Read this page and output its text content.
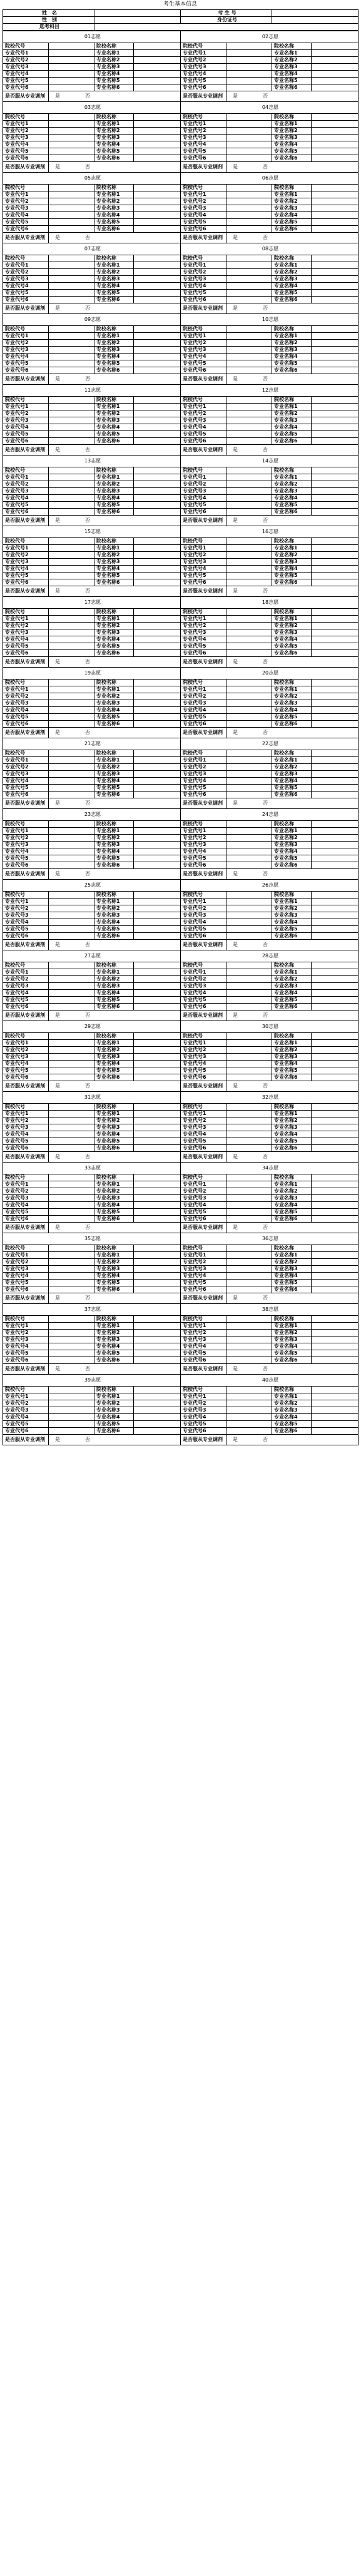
考生基本信息
姓　名		考 生 号	
性　别		身份证号	
选考科目			
01志愿				02志愿			
院校代号		院校名称		院校代号		院校名称	
专业代号1		专业名称1		专业代号1		专业名称1	
专业代号2		专业名称2		专业代号2		专业名称2	
专业代号3		专业名称3		专业代号3		专业名称3	
专业代号4		专业名称4		专业代号4		专业名称4	
专业代号5		专业名称5		专业代号5		专业名称5	
专业代号6		专业名称6		专业代号6		专业名称6	
是否服从专业调剂	是 否			是否服从专业调剂	是 否		
03志愿				04志愿			
院校代号		院校名称		院校代号		院校名称	
专业代号1		专业名称1		专业代号1		专业名称1	
专业代号2		专业名称2		专业代号2		专业名称2	
专业代号3		专业名称3		专业代号3		专业名称3	
专业代号4		专业名称4		专业代号4		专业名称4	
专业代号5		专业名称5		专业代号5		专业名称5	
专业代号6		专业名称6		专业代号6		专业名称6	
是否服从专业调剂	是 否			是否服从专业调剂	是 否		
05志愿				06志愿			
院校代号		院校名称		院校代号		院校名称	
专业代号1		专业名称1		专业代号1		专业名称1	
专业代号2		专业名称2		专业代号2		专业名称2	
专业代号3		专业名称3		专业代号3		专业名称3	
专业代号4		专业名称4		专业代号4		专业名称4	
专业代号5		专业名称5		专业代号5		专业名称5	
专业代号6		专业名称6		专业代号6		专业名称6	
是否服从专业调剂	是 否			是否服从专业调剂	是 否		
07志愿				08志愿			
院校代号		院校名称		院校代号		院校名称	
专业代号1		专业名称1		专业代号1		专业名称1	
专业代号2		专业名称2		专业代号2		专业名称2	
专业代号3		专业名称3		专业代号3		专业名称3	
专业代号4		专业名称4		专业代号4		专业名称4	
专业代号5		专业名称5		专业代号5		专业名称5	
专业代号6		专业名称6		专业代号6		专业名称6	
是否服从专业调剂	是 否			是否服从专业调剂	是 否		
09志愿				10志愿			
院校代号		院校名称		院校代号		院校名称	
专业代号1		专业名称1		专业代号1		专业名称1	
专业代号2		专业名称2		专业代号2		专业名称2	
专业代号3		专业名称3		专业代号3		专业名称3	
专业代号4		专业名称4		专业代号4		专业名称4	
专业代号5		专业名称5		专业代号5		专业名称5	
专业代号6		专业名称6		专业代号6		专业名称6	
是否服从专业调剂	是 否			是否服从专业调剂	是 否		
11志愿				12志愿			
院校代号		院校名称		院校代号		院校名称	
专业代号1		专业名称1		专业代号1		专业名称1	
专业代号2		专业名称2		专业代号2		专业名称2	
专业代号3		专业名称3		专业代号3		专业名称3	
专业代号4		专业名称4		专业代号4		专业名称4	
专业代号5		专业名称5		专业代号5		专业名称5	
专业代号6		专业名称6		专业代号6		专业名称6	
是否服从专业调剂	是 否			是否服从专业调剂	是 否		
13志愿				14志愿			
院校代号		院校名称		院校代号		院校名称	
专业代号1		专业名称1		专业代号1		专业名称1	
专业代号2		专业名称2		专业代号2		专业名称2	
专业代号3		专业名称3		专业代号3		专业名称3	
专业代号4		专业名称4		专业代号4		专业名称4	
专业代号5		专业名称5		专业代号5		专业名称5	
专业代号6		专业名称6		专业代号6		专业名称6	
是否服从专业调剂	是 否			是否服从专业调剂	是 否		
15志愿				16志愿			
院校代号		院校名称		院校代号		院校名称	
专业代号1		专业名称1		专业代号1		专业名称1	
专业代号2		专业名称2		专业代号2		专业名称2	
专业代号3		专业名称3		专业代号3		专业名称3	
专业代号4		专业名称4		专业代号4		专业名称4	
专业代号5		专业名称5		专业代号5		专业名称5	
专业代号6		专业名称6		专业代号6		专业名称6	
是否服从专业调剂	是 否			是否服从专业调剂	是 否		
17志愿				18志愿			
院校代号		院校名称		院校代号		院校名称	
专业代号1		专业名称1		专业代号1		专业名称1	
专业代号2		专业名称2		专业代号2		专业名称2	
专业代号3		专业名称3		专业代号3		专业名称3	
专业代号4		专业名称4		专业代号4		专业名称4	
专业代号5		专业名称5		专业代号5		专业名称5	
专业代号6		专业名称6		专业代号6		专业名称6	
是否服从专业调剂	是 否			是否服从专业调剂	是 否		
19志愿				20志愿			
院校代号		院校名称		院校代号		院校名称	
专业代号1		专业名称1		专业代号1		专业名称1	
专业代号2		专业名称2		专业代号2		专业名称2	
专业代号3		专业名称3		专业代号3		专业名称3	
专业代号4		专业名称4		专业代号4		专业名称4	
专业代号5		专业名称5		专业代号5		专业名称5	
专业代号6		专业名称6		专业代号6		专业名称6	
是否服从专业调剂	是 否			是否服从专业调剂	是 否		
21志愿				22志愿			
院校代号		院校名称		院校代号		院校名称	
专业代号1		专业名称1		专业代号1		专业名称1	
专业代号2		专业名称2		专业代号2		专业名称2	
专业代号3		专业名称3		专业代号3		专业名称3	
专业代号4		专业名称4		专业代号4		专业名称4	
专业代号5		专业名称5		专业代号5		专业名称5	
专业代号6		专业名称6		专业代号6		专业名称6	
是否服从专业调剂	是 否			是否服从专业调剂	是 否		
23志愿				24志愿			
院校代号		院校名称		院校代号		院校名称	
专业代号1		专业名称1		专业代号1		专业名称1	
专业代号2		专业名称2		专业代号2		专业名称2	
专业代号3		专业名称3		专业代号3		专业名称3	
专业代号4		专业名称4		专业代号4		专业名称4	
专业代号5		专业名称5		专业代号5		专业名称5	
专业代号6		专业名称6		专业代号6		专业名称6	
是否服从专业调剂	是 否			是否服从专业调剂	是 否		
25志愿				26志愿			
院校代号		院校名称		院校代号		院校名称	
专业代号1		专业名称1		专业代号1		专业名称1	
专业代号2		专业名称2		专业代号2		专业名称2	
专业代号3		专业名称3		专业代号3		专业名称3	
专业代号4		专业名称4		专业代号4		专业名称4	
专业代号5		专业名称5		专业代号5		专业名称5	
专业代号6		专业名称6		专业代号6		专业名称6	
是否服从专业调剂	是 否			是否服从专业调剂	是 否		
27志愿				28志愿			
院校代号		院校名称		院校代号		院校名称	
专业代号1		专业名称1		专业代号1		专业名称1	
专业代号2		专业名称2		专业代号2		专业名称2	
专业代号3		专业名称3		专业代号3		专业名称3	
专业代号4		专业名称4		专业代号4		专业名称4	
专业代号5		专业名称5		专业代号5		专业名称5	
专业代号6		专业名称6		专业代号6		专业名称6	
是否服从专业调剂	是 否			是否服从专业调剂	是 否		
29志愿				30志愿			
院校代号		院校名称		院校代号		院校名称	
专业代号1		专业名称1		专业代号1		专业名称1	
专业代号2		专业名称2		专业代号2		专业名称2	
专业代号3		专业名称3		专业代号3		专业名称3	
专业代号4		专业名称4		专业代号4		专业名称4	
专业代号5		专业名称5		专业代号5		专业名称5	
专业代号6		专业名称6		专业代号6		专业名称6	
是否服从专业调剂	是 否			是否服从专业调剂	是 否		
31志愿				32志愿			
院校代号		院校名称		院校代号		院校名称	
专业代号1		专业名称1		专业代号1		专业名称1	
专业代号2		专业名称2		专业代号2		专业名称2	
专业代号3		专业名称3		专业代号3		专业名称3	
专业代号4		专业名称4		专业代号4		专业名称4	
专业代号5		专业名称5		专业代号5		专业名称5	
专业代号6		专业名称6		专业代号6		专业名称6	
是否服从专业调剂	是 否			是否服从专业调剂	是 否		
33志愿				34志愿			
院校代号		院校名称		院校代号		院校名称	
专业代号1		专业名称1		专业代号1		专业名称1	
专业代号2		专业名称2		专业代号2		专业名称2	
专业代号3		专业名称3		专业代号3		专业名称3	
专业代号4		专业名称4		专业代号4		专业名称4	
专业代号5		专业名称5		专业代号5		专业名称5	
专业代号6		专业名称6		专业代号6		专业名称6	
是否服从专业调剂	是 否			是否服从专业调剂	是 否		
35志愿				36志愿			
院校代号		院校名称		院校代号		院校名称	
专业代号1		专业名称1		专业代号1		专业名称1	
专业代号2		专业名称2		专业代号2		专业名称2	
专业代号3		专业名称3		专业代号3		专业名称3	
专业代号4		专业名称4		专业代号4		专业名称4	
专业代号5		专业名称5		专业代号5		专业名称5	
专业代号6		专业名称6		专业代号6		专业名称6	
是否服从专业调剂	是 否			是否服从专业调剂	是 否		
37志愿				38志愿			
院校代号		院校名称		院校代号		院校名称	
专业代号1		专业名称1		专业代号1		专业名称1	
专业代号2		专业名称2		专业代号2		专业名称2	
专业代号3		专业名称3		专业代号3		专业名称3	
专业代号4		专业名称4		专业代号4		专业名称4	
专业代号5		专业名称5		专业代号5		专业名称5	
专业代号6		专业名称6		专业代号6		专业名称6	
是否服从专业调剂	是 否			是否服从专业调剂	是 否		
39志愿				40志愿			
院校代号		院校名称		院校代号		院校名称	
专业代号1		专业名称1		专业代号1		专业名称1	
专业代号2		专业名称2		专业代号2		专业名称2	
专业代号3		专业名称3		专业代号3		专业名称3	
专业代号4		专业名称4		专业代号4		专业名称4	
专业代号5		专业名称5		专业代号5		专业名称5	
专业代号6		专业名称6		专业代号6		专业名称6	
是否服从专业调剂	是 否			是否服从专业调剂	是 否		
